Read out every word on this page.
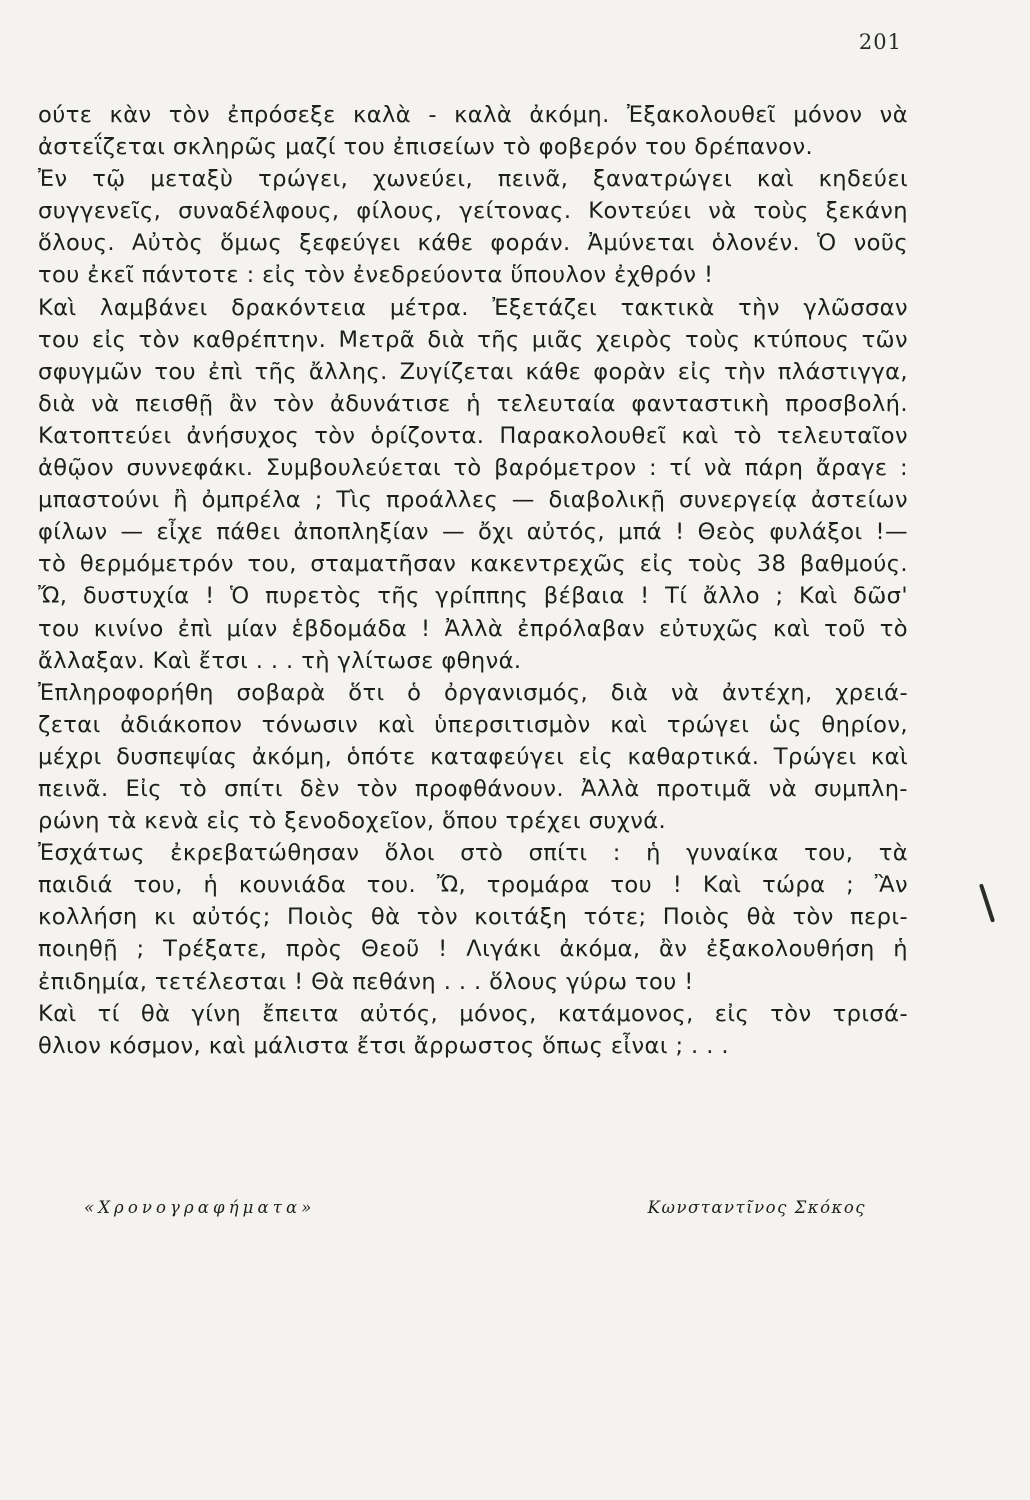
201
ούτε κὰν τὸν ἐπρόσεξε καλὰ - καλὰ ἀκόμη. Ἐξακολουθεῖ μόνον νὰ
ἀστεΐζεται σκληρῶς μαζί του ἐπισείων τὸ φοβερόν του δρέπανον.
Ἐν τῷ μεταξὺ τρώγει, χωνεύει, πεινᾶ, ξανατρώγει καὶ κηδεύει
συγγενεῖς, συναδέλφους, φίλους, γείτονας. Κοντεύει νὰ τοὺς ξεκάνη
ὅλους. Αὐτὸς ὅμως ξεφεύγει κάθε φοράν. Ἀμύνεται ὁλονέν. Ὁ νοῦς
του ἐκεῖ πάντοτε : εἰς τὸν ἐνεδρεύοντα ὕπουλον ἐχθρόν !
Καὶ λαμβάνει δρακόντεια μέτρα. Ἐξετάζει τακτικὰ τὴν γλῶσσαν
του εἰς τὸν καθρέπτην. Μετρᾶ διὰ τῆς μιᾶς χειρὸς τοὺς κτύπους τῶν
σφυγμῶν του ἐπὶ τῆς ἄλλης. Ζυγίζεται κάθε φορὰν εἰς τὴν πλάστιγγα,
διὰ νὰ πεισθῇ ἂν τὸν ἀδυνάτισε ἡ τελευταία φανταστικὴ προσβολή.
Κατοπτεύει ἀνήσυχος τὸν ὁρίζοντα. Παρακολουθεῖ καὶ τὸ τελευταῖον
ἀθῷον συννεφάκι. Συμβουλεύεται τὸ βαρόμετρον : τί νὰ πάρη ἄραγε :
μπαστούνι ἢ ὀμπρέλα ; Τὶς προάλλες — διαβολικῇ συνεργείᾳ ἀστείων
φίλων — εἶχε πάθει ἀποπληξίαν — ὄχι αὐτός, μπά ! Θεὸς φυλάξοι !—
τὸ θερμόμετρόν του, σταματῆσαν κακεντρεχῶς εἰς τοὺς 38 βαθμούς.
Ὤ, δυστυχία ! Ὁ πυρετὸς τῆς γρίππης βέβαια ! Τί ἄλλο ; Καὶ δῶσ'
του κινίνο ἐπὶ μίαν ἑβδομάδα ! Ἀλλὰ ἐπρόλαβαν εὐτυχῶς καὶ τοῦ τὸ
ἄλλαξαν. Καὶ ἔτσι . . . τὴ γλίτωσε φθηνά.
Ἐπληροφορήθη σοβαρὰ ὅτι ὁ ὀργανισμός, διὰ νὰ ἀντέχη, χρειά-
ζεται ἀδιάκοπον τόνωσιν καὶ ὑπερσιτισμὸν καὶ τρώγει ὡς θηρίον,
μέχρι δυσπεψίας ἀκόμη, ὁπότε καταφεύγει εἰς καθαρτικά. Τρώγει καὶ
πεινᾶ. Εἰς τὸ σπίτι δὲν τὸν προφθάνουν. Ἀλλὰ προτιμᾶ νὰ συμπλη-
ρώνη τὰ κενὰ εἰς τὸ ξενοδοχεῖον, ὅπου τρέχει συχνά.
Ἐσχάτως ἐκρεβατώθησαν ὅλοι στὸ σπίτι : ἡ γυναίκα του, τὰ
παιδιά του, ἡ κουνιάδα του. Ὤ, τρομάρα του ! Καὶ τώρα ; Ἂν
κολλήση κι αὐτός; Ποιὸς θὰ τὸν κοιτάξη τότε; Ποιὸς θὰ τὸν περι-
ποιηθῇ ; Τρέξατε, πρὸς Θεοῦ ! Λιγάκι ἀκόμα, ἂν ἐξακολουθήση ἡ
ἐπιδημία, τετέλεσται ! Θὰ πεθάνη . . . ὅλους γύρω του !
Καὶ τί θὰ γίνη ἔπειτα αὐτός, μόνος, κατάμονος, εἰς τὸν τρισά-
θλιον κόσμον, καὶ μάλιστα ἔτσι ἄρρωστος ὅπως εἶναι ; . . .
«Χρονογραφήματα»	Κωνσταντῖνος Σκόκος
